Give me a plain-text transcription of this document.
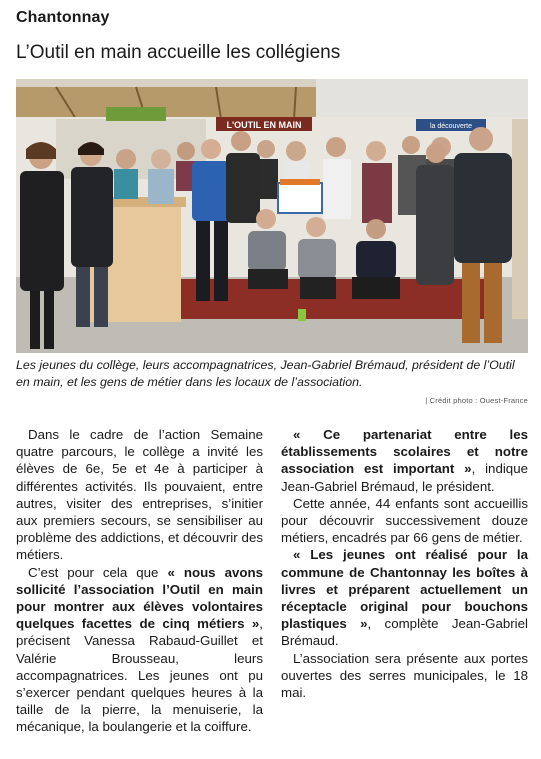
Chantonnay
L’Outil en main accueille les collégiens
L'OUTIL EN MAIN	la découverte

Les jeunes du collège, leurs accompagnatrices, Jean-Gabriel Brémaud, président de l’Outil en main, et les gens de métier dans les locaux de l’association.

| Crédit photo : Ouest-France

Dans le cadre de l’action Semaine quatre parcours, le collège a invité les élèves de 6e, 5e et 4e à participer à différentes activités. Ils pouvaient, entre autres, visiter des entreprises, s’initier aux premiers secours, se sensibiliser au problème des addictions, et découvrir des métiers.

C’est pour cela que « nous avons sollicité l’association l’Outil en main pour montrer aux élèves volontaires quelques facettes de cinq métiers », précisent Vanessa Rabaud-Guillet et Valérie Brousseau, leurs accompagnatrices. Les jeunes ont pu s’exercer pendant quelques heures à la taille de la pierre, la menuiserie, la mécanique, la boulangerie et la coiffure.

« Ce partenariat entre les établissements scolaires et notre association est important », indique Jean-Gabriel Brémaud, le président.

Cette année, 44 enfants sont accueillis pour découvrir successivement douze métiers, encadrés par 66 gens de métier.

« Les jeunes ont réalisé pour la commune de Chantonnay les boîtes à livres et préparent actuellement un réceptacle original pour bouchons plastiques », complète Jean-Gabriel Brémaud.

L’association sera présente aux portes ouvertes des serres municipales, le 18 mai.
